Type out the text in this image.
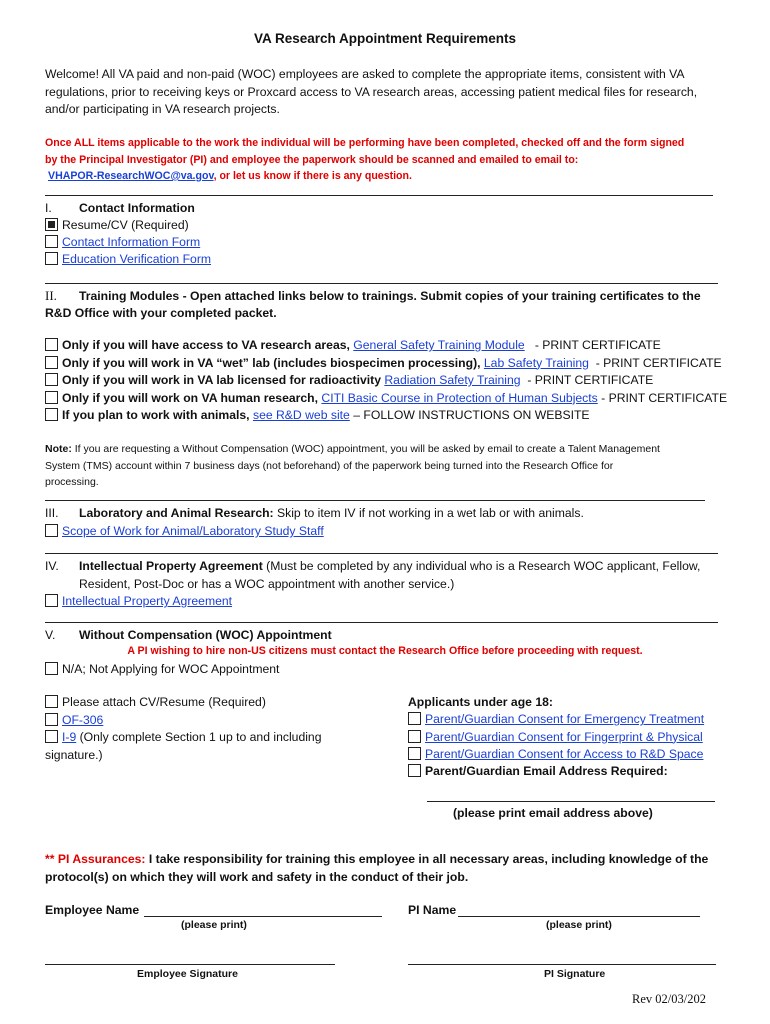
VA Research Appointment Requirements
Welcome! All VA paid and non-paid (WOC) employees are asked to complete the appropriate items, consistent with VA
regulations, prior to receiving keys or Proxcard access to VA research areas, accessing patient medical files for research,
and/or participating in VA research projects.
Once ALL items applicable to the work the individual will be performing have been completed, checked off and the form signed
by the Principal Investigator (PI) and employee the paperwork should be scanned and emailed to email to:
VHAPOR-ResearchWOC@va.gov, or let us know if there is any question.
I. Contact Information
Resume/CV (Required)
Contact Information Form
Education Verification Form
II. Training Modules - Open attached links below to trainings. Submit copies of your training certificates to the
R&D Office with your completed packet.
Only if you will have access to VA research areas, General Safety Training Module   - PRINT CERTIFICATE
Only if you will work in VA “wet” lab (includes biospecimen processing), Lab Safety Training  - PRINT CERTIFICATE
Only if you will work in VA lab licensed for radioactivity Radiation Safety Training  - PRINT CERTIFICATE
Only if you will work on VA human research, CITI Basic Course in Protection of Human Subjects - PRINT CERTIFICATE
If you plan to work with animals, see R&D web site – FOLLOW INSTRUCTIONS ON WEBSITE
Note: If you are requesting a Without Compensation (WOC) appointment, you will be asked by email to create a Talent Management
System (TMS) account within 7 business days (not beforehand) of the paperwork being turned into the Research Office for
processing.
III. Laboratory and Animal Research: Skip to item IV if not working in a wet lab or with animals.
Scope of Work for Animal/Laboratory Study Staff
IV. Intellectual Property Agreement (Must be completed by any individual who is a Research WOC applicant, Fellow,
Resident, Post-Doc or has a WOC appointment with another service.)
Intellectual Property Agreement
V. Without Compensation (WOC) Appointment
A PI wishing to hire non-US citizens must contact the Research Office before proceeding with request.
N/A; Not Applying for WOC Appointment
Please attach CV/Resume (Required)
OF-306
I-9 (Only complete Section 1 up to and including
signature.)
Applicants under age 18:
Parent/Guardian Consent for Emergency Treatment
Parent/Guardian Consent for Fingerprint & Physical
Parent/Guardian Consent for Access to R&D Space
Parent/Guardian Email Address Required:
(please print email address above)
** PI Assurances: I take responsibility for training this employee in all necessary areas, including knowledge of the
protocol(s) on which they will work and safety in the conduct of their job.
Employee Name
(please print)
PI Name
(please print)
Employee Signature	PI Signature
Rev 02/03/202
